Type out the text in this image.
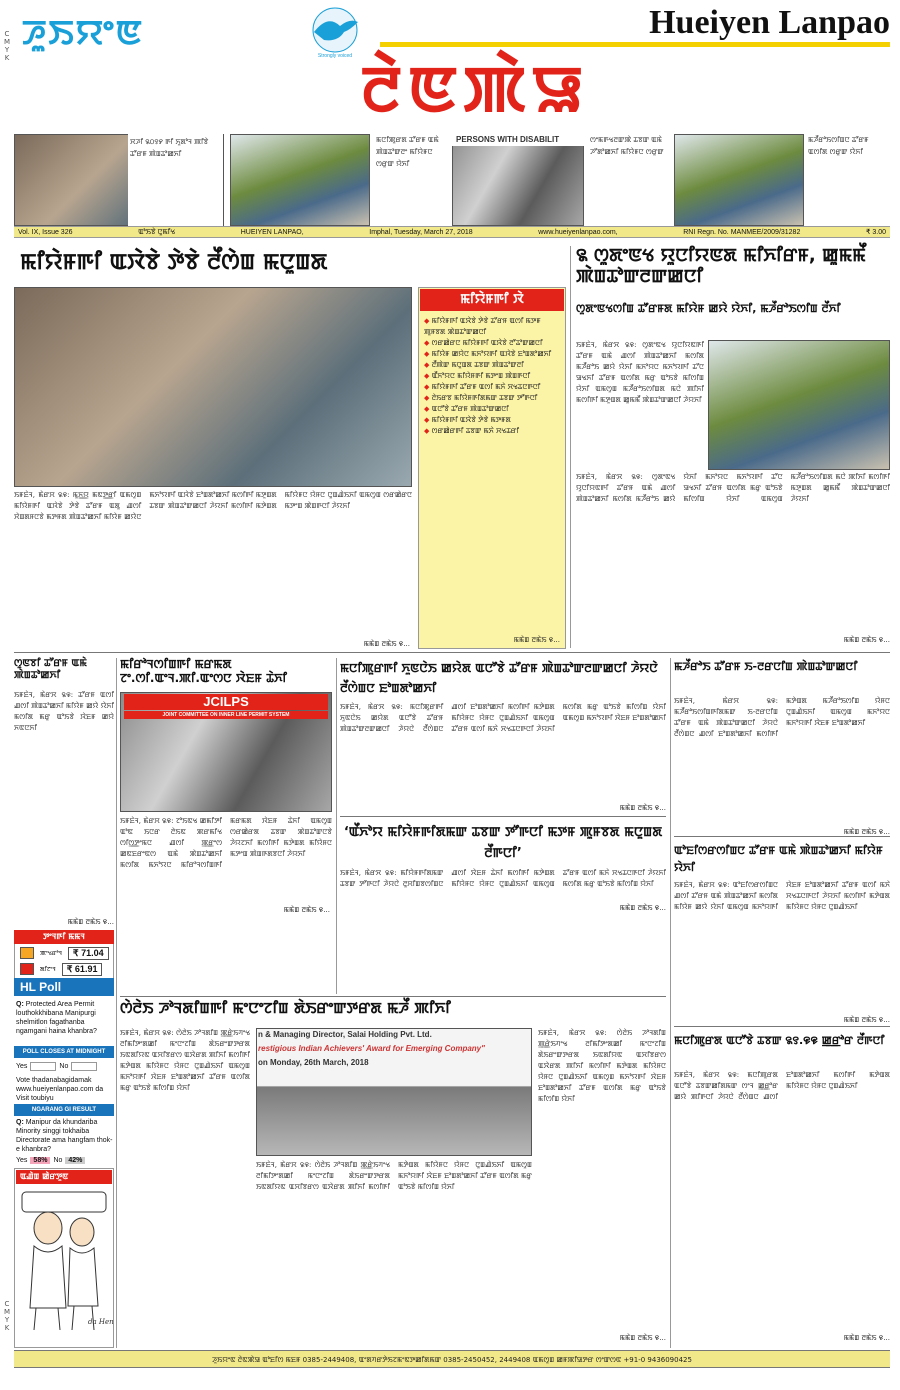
C
M
Y
K
C
M
Y
K
ꯍꯨꯏꯌꯦꯟ
Strongly voiced
Hueiyen Lanpao
ꯂꯥꯟꯄꯥꯎ
ꯆꯍꯤ ꯲꯰꯱꯸ ꯒꯤ ꯈꯨꯗꯣꯜ ꯄꯤꯕꯥ ꯊꯧꯔꯝ ꯄꯥꯡꯊꯣꯀꯈꯤ
ꯃꯅꯤꯄꯨꯔꯗ ꯊꯧꯔꯝ ꯑꯃꯥ ꯄꯥꯡꯊꯣꯛꯂꯦ ꯃꯤꯌꯥꯝꯅ ꯁꯔꯨꯛ ꯌꯥꯈꯤ
PERSONS WITH DISABILIT	ꯁꯦꯃꯒꯠꯂꯛꯄꯥ ꯊꯕꯛ ꯑꯃꯥ ꯍꯧꯗꯣꯀꯈꯤ ꯃꯤꯌꯥꯝꯅ ꯁꯔꯨꯛ
ꯃꯍꯩꯔꯣꯏꯁꯤꯡꯅ ꯊꯧꯔꯝ ꯑꯁꯤꯗ ꯁꯔꯨꯛ ꯌꯥꯈꯤ
Vol. IX, Issue 326	ꯑꯣꯏꯕꯥ ꯅꯨꯃꯤꯠ	HUEIYEN LANPAO,	Imphal, Tuesday, March 27, 2018	www.hueiyenlanpao.com,	RNI Regn. No. MANMEE/2009/31282	₹ 3.00
ꯃꯤꯌꯥꯝꯒꯤ ꯑꯋꯥꯕꯥ ꯇꯥꯕꯥ ꯂꯩꯁꯥꯡ ꯃꯅꯨꯡꯗ
ꯏꯝꯐꯥꯜ, ꯃꯥꯔꯆ ꯲꯶: ꯃꯨꯈ꯭ꯌ ꯃꯟꯇ꯭ꯔꯤ ꯑꯃꯁꯨꯡ ꯃꯤꯌꯥꯝꯒꯤ ꯑꯋꯥꯕꯥ ꯇꯥꯕꯥ ꯊꯧꯔꯝ ꯑꯗꯨ ꯉꯁꯤ ꯆꯥꯡꯗꯝꯅꯕꯥ ꯃꯇꯝꯗ ꯄꯥꯡꯊꯣꯀꯈꯤ ꯃꯤꯌꯥꯝ ꯀꯌꯥꯅ ꯃꯈꯣꯌꯒꯤ ꯑꯋꯥꯕꯥ ꯐꯣꯡꯗꯣꯀꯈꯤ ꯃꯁꯤꯒꯤ ꯃꯇꯨꯡꯗ ꯊꯕꯛ ꯄꯥꯡꯊꯣꯛꯀꯅꯤ ꯍꯥꯌꯈꯤ ꯃꯁꯤꯒꯤ ꯃꯇꯥꯡꯗ ꯃꯤꯌꯥꯝꯅ ꯌꯥꯝꯅ ꯅꯨꯡꯉꯥꯏꯈꯤ ꯑꯃꯁꯨꯡ ꯁꯔꯀꯥꯔꯅ ꯃꯇꯦꯡ ꯄꯥꯡꯒꯅꯤ ꯍꯥꯌꯈꯤ
ꯃꯃꯥꯡ ꯂꯃꯥꯏ ꯶...
ꯃꯤꯌꯥꯝꯒꯤ ꯋꯥ
◆ ꯃꯤꯌꯥꯝꯒꯤ ꯑꯋꯥꯕꯥ ꯇꯥꯕꯥ ꯊꯧꯔꯝ ꯑꯁꯤ ꯃꯇꯝ ꯄꯨꯝꯕꯗ ꯄꯥꯡꯊꯣꯛꯀꯅꯤ
◆ ꯁꯔꯀꯥꯔꯅ ꯃꯤꯌꯥꯝꯒꯤ ꯑꯋꯥꯕꯥ ꯂꯧꯊꯣꯛꯀꯅꯤ
◆ ꯃꯤꯌꯥꯝ ꯀꯌꯥꯅ ꯃꯈꯣꯌꯒꯤ ꯑꯋꯥꯕꯥ ꯐꯣꯡꯗꯣꯀꯈꯤ
◆ ꯂꯩꯄꯥꯛ ꯃꯅꯨꯡꯗ ꯊꯕꯛ ꯄꯥꯡꯊꯣꯛꯂꯤ
◆ ꯑꯩꯈꯣꯌꯅ ꯃꯤꯌꯥꯝꯒꯤ ꯃꯇꯦꯡ ꯄꯥꯡꯒꯅꯤ
◆ ꯃꯤꯌꯥꯝꯒꯤ ꯊꯧꯔꯝ ꯑꯁꯤ ꯃꯈꯥ ꯆꯠꯊꯅꯒꯅꯤ
◆ ꯂꯥꯏꯔꯕ ꯃꯤꯌꯥꯝꯒꯤꯗꯃꯛ ꯊꯕꯛ ꯇꯧꯒꯅꯤ
◆ ꯑꯅꯧꯕꯥ ꯊꯧꯔꯝ ꯄꯥꯡꯊꯣꯛꯀꯅꯤ
◆ ꯃꯤꯌꯥꯝꯒꯤ ꯑꯋꯥꯕꯥ ꯇꯥꯕꯥ ꯃꯇꯝꯗ
◆ ꯁꯔꯀꯥꯔꯒꯤ ꯊꯕꯛ ꯃꯈꯥ ꯆꯠꯊꯔꯤ
ꯃꯃꯥꯡ ꯂꯃꯥꯏ ꯶...
꯲ ꯁꯨꯗꯦꯟꯠ ꯌꯨꯅꯤꯌꯟꯗ ꯃꯤꯈꯤꯔꯝ, ꯀꯨꯃꯃꯩ ꯄꯥꯡꯊꯣꯛꯂꯛꯀꯅꯤ
ꯁꯨꯗꯦꯟꯠꯁꯤꯡ ꯊꯧꯔꯝꯗ ꯃꯤꯌꯥꯝ ꯀꯌꯥ ꯌꯥꯈꯤ, ꯃꯍꯩꯔꯣꯏꯁꯤꯡ ꯂꯩꯈꯤ
ꯏꯝꯐꯥꯜ, ꯃꯥꯔꯆ ꯲꯶: ꯁꯨꯗꯦꯟꯠ ꯌꯨꯅꯤꯌꯟꯒꯤ ꯊꯧꯔꯝ ꯑꯃꯥ ꯉꯁꯤ ꯄꯥꯡꯊꯣꯀꯈꯤ ꯃꯁꯤꯗ ꯃꯍꯩꯔꯣꯏ ꯀꯌꯥ ꯌꯥꯈꯤ ꯃꯈꯣꯌꯅ ꯃꯈꯣꯌꯒꯤ ꯊꯧꯅ ꯎꯠꯈꯤ ꯊꯧꯔꯝ ꯑꯁꯤꯗ ꯃꯔꯨ ꯑꯣꯏꯕꯥ ꯃꯤꯁꯤꯡ ꯌꯥꯈꯤ ꯑꯃꯁꯨꯡ ꯃꯍꯩꯔꯣꯏꯁꯤꯡꯗ ꯃꯅꯥ ꯄꯤꯈꯤ ꯃꯁꯤꯒꯤ ꯃꯇꯨꯡꯗ ꯀꯨꯃꯃꯩ ꯄꯥꯡꯊꯣꯛꯀꯅꯤ ꯍꯥꯌꯈꯤ
ꯏꯝꯐꯥꯜ, ꯃꯥꯔꯆ ꯲꯶: ꯁꯨꯗꯦꯟꯠ ꯌꯨꯅꯤꯌꯟꯒꯤ ꯊꯧꯔꯝ ꯑꯃꯥ ꯉꯁꯤ ꯄꯥꯡꯊꯣꯀꯈꯤ ꯃꯁꯤꯗ ꯃꯍꯩꯔꯣꯏ ꯀꯌꯥ ꯌꯥꯈꯤ ꯃꯈꯣꯌꯅ ꯃꯈꯣꯌꯒꯤ ꯊꯧꯅ ꯎꯠꯈꯤ ꯊꯧꯔꯝ ꯑꯁꯤꯗ ꯃꯔꯨ ꯑꯣꯏꯕꯥ ꯃꯤꯁꯤꯡ ꯌꯥꯈꯤ ꯑꯃꯁꯨꯡ ꯃꯍꯩꯔꯣꯏꯁꯤꯡꯗ ꯃꯅꯥ ꯄꯤꯈꯤ ꯃꯁꯤꯒꯤ ꯃꯇꯨꯡꯗ ꯀꯨꯃꯃꯩ ꯄꯥꯡꯊꯣꯛꯀꯅꯤ ꯍꯥꯌꯈꯤ
ꯃꯃꯥꯡ ꯂꯃꯥꯏ ꯶...
ꯁꯨꯟꯕꯤ ꯊꯧꯔꯝ ꯑꯃꯥ ꯄꯥꯡꯊꯣꯀꯈꯤ
ꯏꯝꯐꯥꯜ, ꯃꯥꯔꯆ ꯲꯶: ꯊꯧꯔꯝ ꯑꯁꯤ ꯉꯁꯤ ꯄꯥꯡꯊꯣꯀꯈꯤ ꯃꯤꯌꯥꯝ ꯀꯌꯥ ꯌꯥꯈꯤ ꯃꯁꯤꯗ ꯃꯔꯨ ꯑꯣꯏꯕꯥ ꯋꯥꯐꯝ ꯀꯌꯥ ꯈꯟꯅꯈꯤ
ꯃꯃꯥꯡ ꯂꯃꯥꯏ ꯶...
ꯃꯤꯔꯣꯜꯁꯤꯡꯒꯤ ꯃꯔꯃꯗ ꯖꯦ.ꯁꯤ.ꯑꯦꯜ.ꯄꯤ.ꯑꯦꯁꯅ ꯋꯥꯐꯝ ꯊꯥꯈꯤ
JCILPS
JOINT COMMITTEE ON INNER LINE PERMIT SYSTEM
ꯏꯝꯐꯥꯜ, ꯃꯥꯔꯆ ꯲꯶: ꯖꯣꯏꯟꯠ ꯀꯃꯤꯇꯤ ꯑꯣꯟ ꯏꯅꯔ ꯂꯥꯏꯟ ꯄꯔꯃꯤꯠ ꯁꯤꯁ꯭ꯇꯦꯃꯅ ꯉꯁꯤ ꯄ꯭ꯔꯦꯁ ꯀꯟꯐꯔꯦꯟꯁ ꯑꯃꯥ ꯄꯥꯡꯊꯣꯀꯈꯤ ꯃꯁꯤꯗ ꯃꯈꯣꯌꯅ ꯃꯤꯔꯣꯜꯁꯤꯡꯒꯤ ꯃꯔꯃꯗ ꯋꯥꯐꯝ ꯊꯥꯈꯤ ꯑꯃꯁꯨꯡ ꯁꯔꯀꯥꯔꯗ ꯊꯕꯛ ꯄꯥꯡꯊꯣꯛꯅꯕꯥ ꯍꯥꯌꯖꯈꯤ ꯃꯁꯤꯒꯤ ꯃꯇꯥꯡꯗ ꯃꯤꯌꯥꯝꯅ ꯃꯇꯦꯡ ꯄꯥꯡꯒꯗꯕꯅꯤ ꯍꯥꯌꯈꯤ
ꯃꯃꯥꯡ ꯂꯃꯥꯏ ꯶...
ꯃꯅꯤꯄꯨꯔꯒꯤ ꯈꯨꯟꯅꯥꯏ ꯀꯌꯥꯗ ꯑꯅꯧꯕꯥ ꯊꯧꯔꯝ ꯄꯥꯡꯊꯣꯛꯂꯛꯀꯅꯤ ꯍꯥꯌꯅꯥ ꯂꯩꯁꯥꯡꯅ ꯐꯣꯡꯗꯣꯀꯈꯤ
ꯏꯝꯐꯥꯜ, ꯃꯥꯔꯆ ꯲꯶: ꯃꯅꯤꯄꯨꯔꯒꯤ ꯈꯨꯟꯅꯥꯏ ꯀꯌꯥꯗ ꯑꯅꯧꯕꯥ ꯊꯧꯔꯝ ꯄꯥꯡꯊꯣꯛꯂꯛꯀꯅꯤ ꯍꯥꯌꯅꯥ ꯂꯩꯁꯥꯡꯅ ꯉꯁꯤ ꯐꯣꯡꯗꯣꯀꯈꯤ ꯃꯁꯤꯒꯤ ꯃꯇꯥꯡꯗ ꯃꯤꯌꯥꯝꯅ ꯌꯥꯝꯅ ꯅꯨꯡꯉꯥꯏꯈꯤ ꯑꯃꯁꯨꯡ ꯊꯧꯔꯝ ꯑꯁꯤ ꯃꯈꯥ ꯆꯠꯊꯅꯒꯅꯤ ꯍꯥꯌꯈꯤ ꯃꯁꯤꯗ ꯃꯔꯨ ꯑꯣꯏꯕꯥ ꯃꯤꯁꯤꯡ ꯌꯥꯈꯤ ꯑꯃꯁꯨꯡ ꯃꯈꯣꯌꯒꯤ ꯋꯥꯐꯝ ꯐꯣꯡꯗꯣꯀꯈꯤ
ꯃꯃꯥꯡ ꯂꯃꯥꯏ ꯶...
‘ꯑꯩꯈꯣꯌ ꯃꯤꯌꯥꯝꯒꯤꯗꯃꯛ ꯊꯕꯛ ꯇꯧꯒꯅꯤ ꯃꯇꯝ ꯄꯨꯝꯕꯗ ꯃꯅꯨꯡꯗ ꯂꯩꯒꯅꯤ’
ꯏꯝꯐꯥꯜ, ꯃꯥꯔꯆ ꯲꯶: ꯃꯤꯌꯥꯝꯒꯤꯗꯃꯛ ꯊꯕꯛ ꯇꯧꯒꯅꯤ ꯍꯥꯌꯅꯥ ꯂꯨꯆꯤꯡꯕꯁꯤꯡꯅ ꯉꯁꯤ ꯋꯥꯐꯝ ꯊꯥꯈꯤ ꯃꯁꯤꯒꯤ ꯃꯇꯥꯡꯗ ꯃꯤꯌꯥꯝꯅ ꯌꯥꯝꯅ ꯅꯨꯡꯉꯥꯏꯈꯤ ꯑꯃꯁꯨꯡ ꯊꯧꯔꯝ ꯑꯁꯤ ꯃꯈꯥ ꯆꯠꯊꯅꯒꯅꯤ ꯍꯥꯌꯈꯤ ꯃꯁꯤꯗ ꯃꯔꯨ ꯑꯣꯏꯕꯥ ꯃꯤꯁꯤꯡ ꯌꯥꯈꯤ
ꯃꯃꯥꯡ ꯂꯃꯥꯏ ꯶...
ꯃꯍꯩꯔꯣꯏ ꯊꯧꯔꯝ ꯏ-ꯂꯔꯅꯤꯡ ꯄꯥꯡꯊꯣꯛꯀꯅꯤ
ꯏꯝꯐꯥꯜ, ꯃꯥꯔꯆ ꯲꯶: ꯃꯍꯩꯔꯣꯏꯁꯤꯡꯒꯤꯗꯃꯛ ꯏ-ꯂꯔꯅꯤꯡ ꯊꯧꯔꯝ ꯑꯃꯥ ꯄꯥꯡꯊꯣꯛꯀꯅꯤ ꯍꯥꯌꯅꯥ ꯂꯩꯁꯥꯡꯅ ꯉꯁꯤ ꯐꯣꯡꯗꯣꯀꯈꯤ ꯃꯁꯤꯒꯤ ꯃꯇꯥꯡꯗ ꯃꯍꯩꯔꯣꯏꯁꯤꯡ ꯌꯥꯝꯅ ꯅꯨꯡꯉꯥꯏꯈꯤ ꯑꯃꯁꯨꯡ ꯃꯈꯣꯌꯅ ꯃꯈꯣꯌꯒꯤ ꯋꯥꯐꯝ ꯐꯣꯡꯗꯣꯀꯈꯤ
ꯃꯃꯥꯡ ꯂꯃꯥꯏ ꯶...
ꯑꯣꯐꯤꯁꯔꯁꯤꯡꯅ ꯊꯧꯔꯝ ꯑꯃꯥ ꯄꯥꯡꯊꯣꯀꯈꯤ ꯃꯤꯌꯥꯝ ꯌꯥꯈꯤ
ꯏꯝꯐꯥꯜ, ꯃꯥꯔꯆ ꯲꯶: ꯑꯣꯐꯤꯁꯔꯁꯤꯡꯅ ꯉꯁꯤ ꯊꯧꯔꯝ ꯑꯃꯥ ꯄꯥꯡꯊꯣꯀꯈꯤ ꯃꯁꯤꯗ ꯃꯤꯌꯥꯝ ꯀꯌꯥ ꯌꯥꯈꯤ ꯑꯃꯁꯨꯡ ꯃꯈꯣꯌꯒꯤ ꯋꯥꯐꯝ ꯐꯣꯡꯗꯣꯀꯈꯤ ꯊꯧꯔꯝ ꯑꯁꯤ ꯃꯈꯥ ꯆꯠꯊꯅꯒꯅꯤ ꯍꯥꯌꯈꯤ ꯃꯁꯤꯒꯤ ꯃꯇꯥꯡꯗ ꯃꯤꯌꯥꯝꯅ ꯌꯥꯝꯅ ꯅꯨꯡꯉꯥꯏꯈꯤ
ꯃꯃꯥꯡ ꯂꯃꯥꯏ ꯶...
ꯃꯅꯤꯄꯨꯔꯗ ꯑꯅꯧꯕꯥ ꯊꯕꯛ ꯲꯱.꯶꯶ ꯀ꯭ꯔꯣꯔ ꯂꯩꯒꯅꯤ
ꯏꯝꯐꯥꯜ, ꯃꯥꯔꯆ ꯲꯶: ꯃꯅꯤꯄꯨꯔꯗ ꯑꯅꯧꯕꯥ ꯊꯕꯛꯀꯤꯗꯃꯛ ꯁꯦꯜ ꯀ꯭ꯔꯣꯔ ꯀꯌꯥ ꯄꯤꯒꯅꯤ ꯍꯥꯌꯅꯥ ꯂꯩꯁꯥꯡꯅ ꯉꯁꯤ ꯐꯣꯡꯗꯣꯀꯈꯤ ꯃꯁꯤꯒꯤ ꯃꯇꯥꯡꯗ ꯃꯤꯌꯥꯝꯅ ꯌꯥꯝꯅ ꯅꯨꯡꯉꯥꯏꯈꯤ
ꯃꯃꯥꯡ ꯂꯃꯥꯏ ꯶...
ꯁꯥꯂꯥꯏ ꯍꯣꯜꯗꯤꯡꯒꯤ ꯃꯦꯅꯦꯖꯤꯡ ꯗꯥꯏꯔꯦꯛꯇꯔꯗ ꯃꯍꯩ ꯄꯤꯈꯤ
ꯏꯝꯐꯥꯜ, ꯃꯥꯔꯆ ꯲꯶: ꯁꯥꯂꯥꯏ ꯍꯣꯜꯗꯤꯡ ꯄ꯭ꯔꯥꯏꯚꯦꯠ ꯂꯤꯃꯤꯇꯦꯗꯀꯤ ꯃꯦꯅꯦꯖꯤꯡ ꯗꯥꯏꯔꯦꯛꯇꯔꯗ ꯏꯟꯗꯤꯌꯟ ꯑꯆꯤꯕꯔꯁ ꯑꯋꯥꯔꯗ ꯄꯤꯈꯤ ꯃꯁꯤꯒꯤ ꯃꯇꯥꯡꯗ ꯃꯤꯌꯥꯝꯅ ꯌꯥꯝꯅ ꯅꯨꯡꯉꯥꯏꯈꯤ ꯑꯃꯁꯨꯡ ꯃꯈꯣꯌꯒꯤ ꯋꯥꯐꯝ ꯐꯣꯡꯗꯣꯀꯈꯤ ꯊꯧꯔꯝ ꯑꯁꯤꯗ ꯃꯔꯨ ꯑꯣꯏꯕꯥ ꯃꯤꯁꯤꯡ ꯌꯥꯈꯤ
n & Managing Director, Salai Holding Pvt. Ltd.
restigious Indian Achievers' Award for Emerging Company"
on Monday, 26th March, 2018
ꯏꯝꯐꯥꯜ, ꯃꯥꯔꯆ ꯲꯶: ꯁꯥꯂꯥꯏ ꯍꯣꯜꯗꯤꯡ ꯄ꯭ꯔꯥꯏꯚꯦꯠ ꯂꯤꯃꯤꯇꯦꯗꯀꯤ ꯃꯦꯅꯦꯖꯤꯡ ꯗꯥꯏꯔꯦꯛꯇꯔꯗ ꯏꯟꯗꯤꯌꯟ ꯑꯆꯤꯕꯔꯁ ꯑꯋꯥꯔꯗ ꯄꯤꯈꯤ ꯃꯁꯤꯒꯤ ꯃꯇꯥꯡꯗ ꯃꯤꯌꯥꯝꯅ ꯌꯥꯝꯅ ꯅꯨꯡꯉꯥꯏꯈꯤ ꯑꯃꯁꯨꯡ ꯃꯈꯣꯌꯒꯤ ꯋꯥꯐꯝ ꯐꯣꯡꯗꯣꯀꯈꯤ ꯊꯧꯔꯝ ꯑꯁꯤꯗ ꯃꯔꯨ ꯑꯣꯏꯕꯥ ꯃꯤꯁꯤꯡ ꯌꯥꯈꯤ
ꯏꯝꯐꯥꯜ, ꯃꯥꯔꯆ ꯲꯶: ꯁꯥꯂꯥꯏ ꯍꯣꯜꯗꯤꯡ ꯄ꯭ꯔꯥꯏꯚꯦꯠ ꯂꯤꯃꯤꯇꯦꯗꯀꯤ ꯃꯦꯅꯦꯖꯤꯡ ꯗꯥꯏꯔꯦꯛꯇꯔꯗ ꯏꯟꯗꯤꯌꯟ ꯑꯆꯤꯕꯔꯁ ꯑꯋꯥꯔꯗ ꯄꯤꯈꯤ ꯃꯁꯤꯒꯤ ꯃꯇꯥꯡꯗ ꯃꯤꯌꯥꯝꯅ ꯌꯥꯝꯅ ꯅꯨꯡꯉꯥꯏꯈꯤ ꯑꯃꯁꯨꯡ ꯃꯈꯣꯌꯒꯤ ꯋꯥꯐꯝ ꯐꯣꯡꯗꯣꯀꯈꯤ ꯊꯧꯔꯝ ꯑꯁꯤꯗ ꯃꯔꯨ ꯑꯣꯏꯕꯥ ꯃꯤꯁꯤꯡ ꯌꯥꯈꯤ
ꯃꯃꯥꯡ ꯂꯃꯥꯏ ꯶...
ꯇꯦꯜꯒꯤ ꯃꯃꯜ
ꯄꯦꯠꯔꯣꯜ	₹ 71.04
ꯗꯤꯖꯦꯜ	₹ 61.91
HL Poll
Q: Protected Area Permit louthokkhibana Manipurgi shelmitlon fagathanba ngamgani haina khanbra?
POLL CLOSES AT MIDNIGHT
Yes	No
Vote thadanabagidamak www.hueiyenlanpao.com da Visit toubiyu
NGARANG GI RESULT
Q: Manipur da khundariba Minority singgi tokhaiba Directorate ama hangfam thok-e khanbra?
Yes 58% No 42%
ꯑꯉꯥꯡ ꯀꯥꯔꯇꯨꯟ
da Hen
ꯍꯨꯏꯌꯦꯟ ꯂꯥꯟꯄꯥꯎ ꯑꯣꯐꯤꯁ ꯃꯐꯝ 0385-2449408, ꯑꯦꯗꯚꯔꯇꯥꯏꯖꯃꯦꯟꯇꯀꯤꯗꯃꯛ 0385-2450452, 2449408 ꯑꯃꯁꯨꯡ ꯀꯝꯄꯤꯎꯇꯔ ꯁꯦꯛꯁꯟ +91-0 9436090425
